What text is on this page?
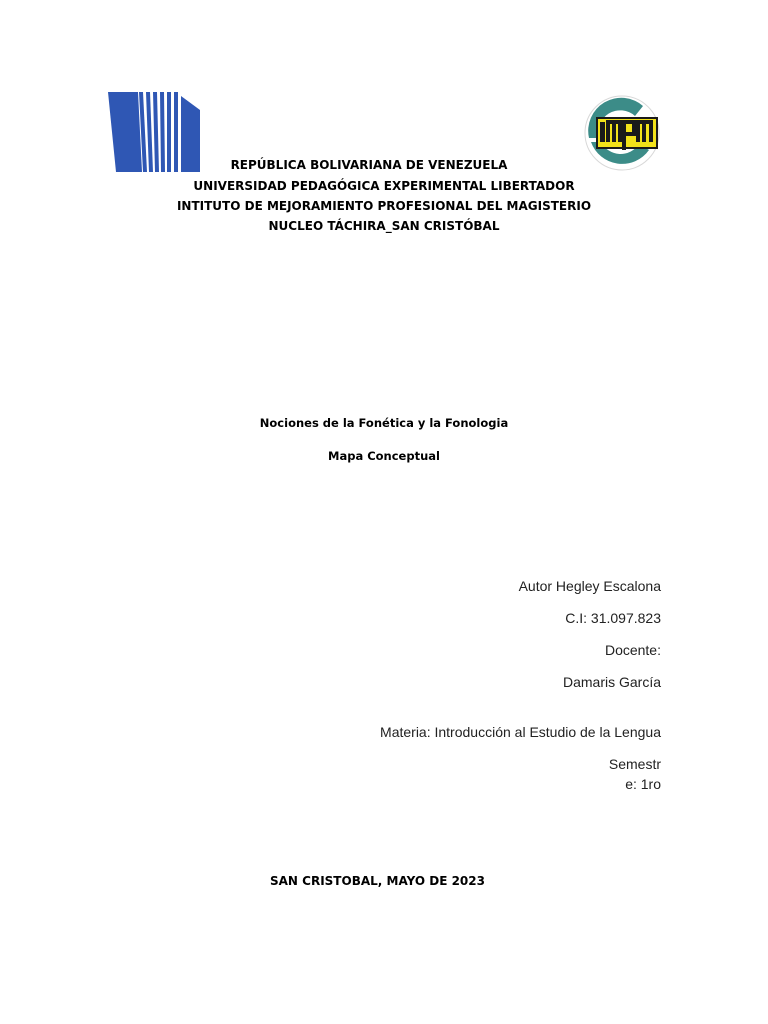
REPÚBLICA BOLIVARIANA DE VENEZUELA
UNIVERSIDAD PEDAGÓGICA EXPERIMENTAL LIBERTADOR
INTITUTO DE MEJORAMIENTO PROFESIONAL DEL MAGISTERIO
NUCLEO TÁCHIRA_SAN CRISTÓBAL
Nociones de la Fonética y la Fonologia
Mapa Conceptual
Autor Hegley Escalona
C.I: 31.097.823
Docente:
Damaris García
Materia: Introducción al Estudio de la Lengua
Semestr
e: 1ro
SAN CRISTOBAL, MAYO DE 2023
